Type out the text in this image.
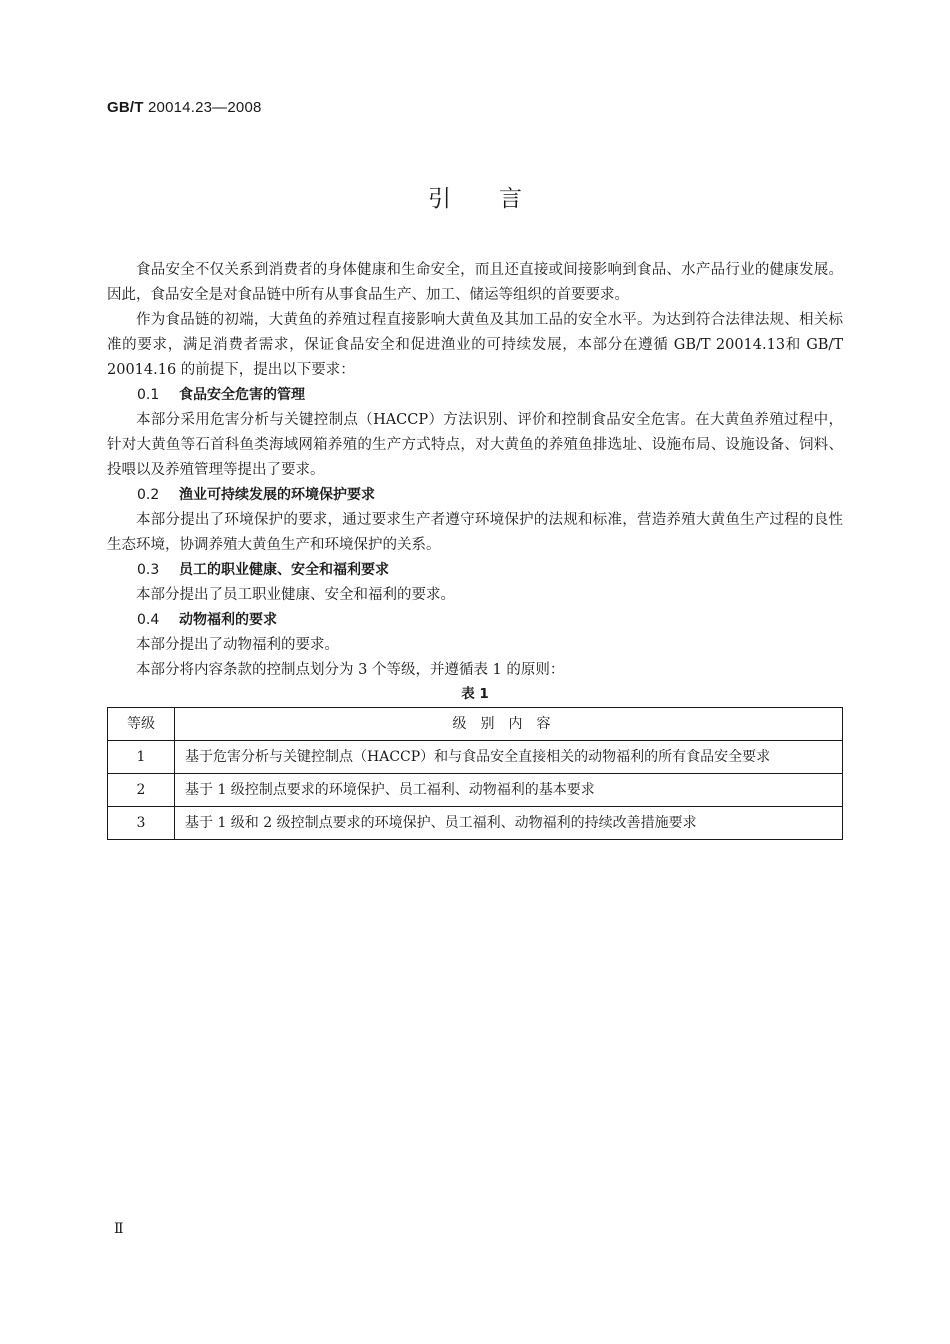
GB/T 20014.23—2008
引 言

食品安全不仅关系到消费者的身体健康和生命安全，而且还直接或间接影响到食品、水产品行业的健康发展。因此，食品安全是对食品链中所有从事食品生产、加工、储运等组织的首要要求。

作为食品链的初端，大黄鱼的养殖过程直接影响大黄鱼及其加工品的安全水平。为达到符合法律法规、相关标准的要求，满足消费者需求，保证食品安全和促进渔业的可持续发展，本部分在遵循 GB/T 20014.13和 GB/T 20014.16 的前提下，提出以下要求：

0.1 食品安全危害的管理

本部分采用危害分析与关键控制点（HACCP）方法识别、评价和控制食品安全危害。在大黄鱼养殖过程中，针对大黄鱼等石首科鱼类海域网箱养殖的生产方式特点，对大黄鱼的养殖鱼排选址、设施布局、设施设备、饲料、投喂以及养殖管理等提出了要求。

0.2 渔业可持续发展的环境保护要求

本部分提出了环境保护的要求，通过要求生产者遵守环境保护的法规和标准，营造养殖大黄鱼生产过程的良性生态环境，协调养殖大黄鱼生产和环境保护的关系。

0.3 员工的职业健康、安全和福利要求

本部分提出了员工职业健康、安全和福利的要求。

0.4 动物福利的要求

本部分提出了动物福利的要求。

本部分将内容条款的控制点划分为 3 个等级，并遵循表 1 的原则：

表 1

等级	级别内容
1	基于危害分析与关键控制点（HACCP）和与食品安全直接相关的动物福利的所有食品安全要求
2	基于 1 级控制点要求的环境保护、员工福利、动物福利的基本要求
3	基于 1 级和 2 级控制点要求的环境保护、员工福利、动物福利的持续改善措施要求
Ⅱ
